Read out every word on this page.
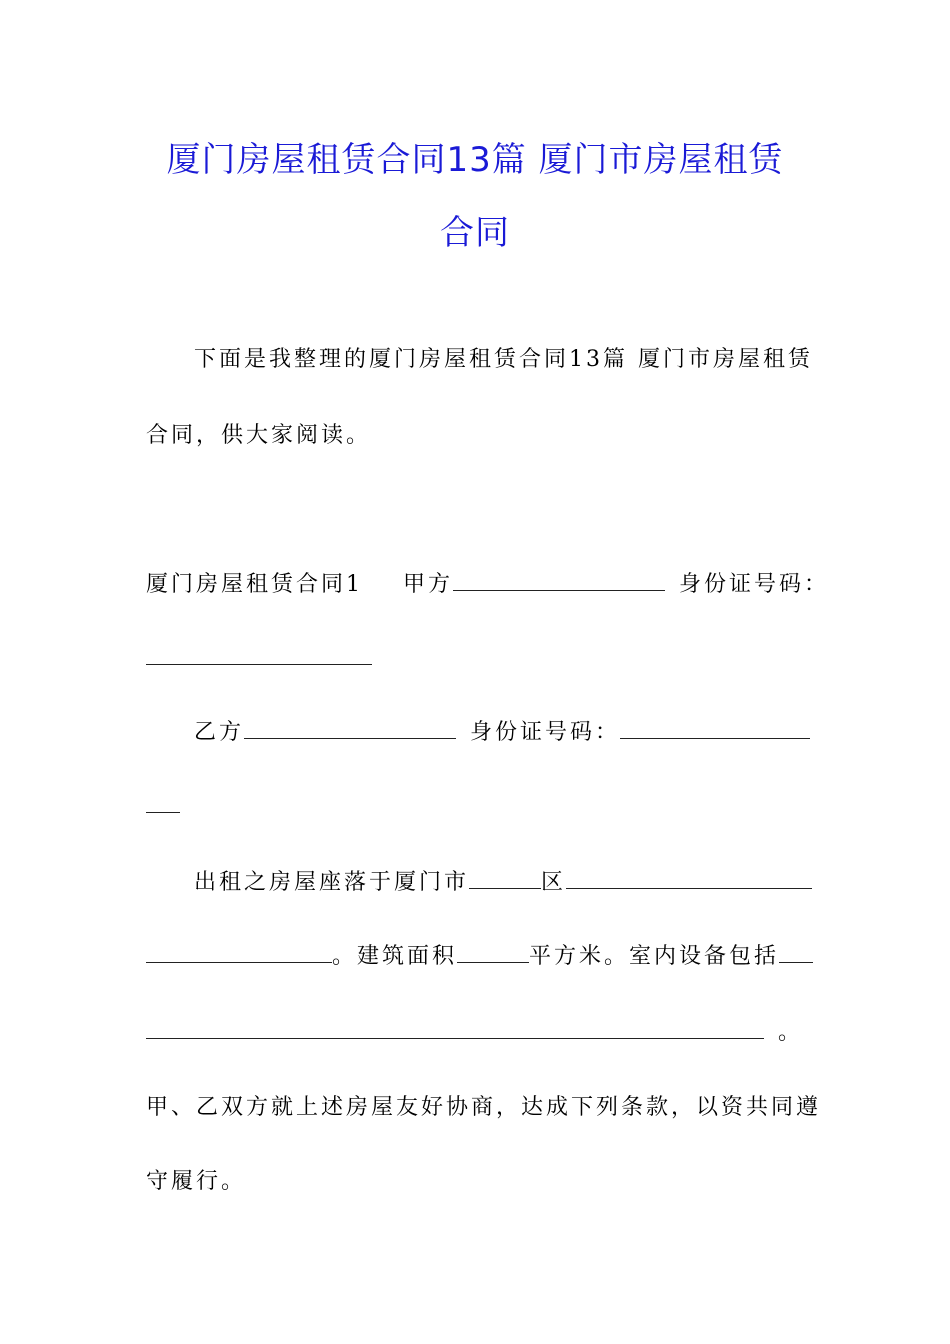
厦门房屋租赁合同13篇 厦门市房屋租赁
合同
下面是我整理的厦门房屋租赁合同13篇 厦门市房屋租赁
合同，供大家阅读。
厦门房屋租赁合同1 甲方	身份证号码：
乙方	身份证号码：
出租之房屋座落于厦门市	区
。建筑面积	平方米。室内设备包括
。
甲、乙双方就上述房屋友好协商，达成下列条款，以资共同遵
守履行。
